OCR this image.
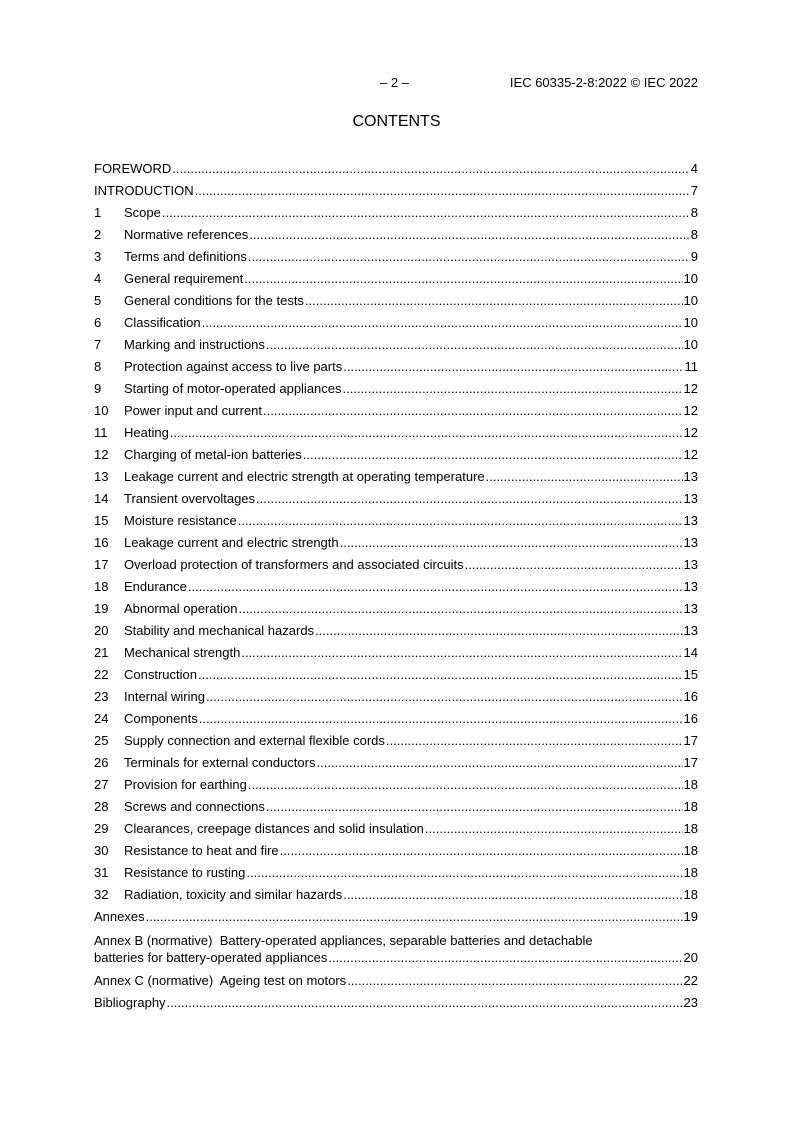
– 2 –	IEC 60335-2-8:2022 © IEC 2022
CONTENTS
FOREWORD .....	4
INTRODUCTION .....	7
1	Scope .....	8
2	Normative references .....	8
3	Terms and definitions .....	9
4	General requirement .....	10
5	General conditions for the tests .....	10
6	Classification .....	10
7	Marking and instructions .....	10
8	Protection against access to live parts .....	11
9	Starting of motor-operated appliances .....	12
10	Power input and current .....	12
11	Heating .....	12
12	Charging of metal-ion batteries .....	12
13	Leakage current and electric strength at operating temperature .....	13
14	Transient overvoltages .....	13
15	Moisture resistance .....	13
16	Leakage current and electric strength .....	13
17	Overload protection of transformers and associated circuits .....	13
18	Endurance .....	13
19	Abnormal operation .....	13
20	Stability and mechanical hazards .....	13
21	Mechanical strength .....	14
22	Construction .....	15
23	Internal wiring .....	16
24	Components .....	16
25	Supply connection and external flexible cords .....	17
26	Terminals for external conductors .....	17
27	Provision for earthing .....	18
28	Screws and connections .....	18
29	Clearances, creepage distances and solid insulation .....	18
30	Resistance to heat and fire .....	18
31	Resistance to rusting .....	18
32	Radiation, toxicity and similar hazards .....	18
Annexes .....	19
Annex B (normative)  Battery-operated appliances, separable batteries and detachable
batteries for battery-operated appliances .....	20
Annex C (normative)  Ageing test on motors .....	22
Bibliography .....	23
